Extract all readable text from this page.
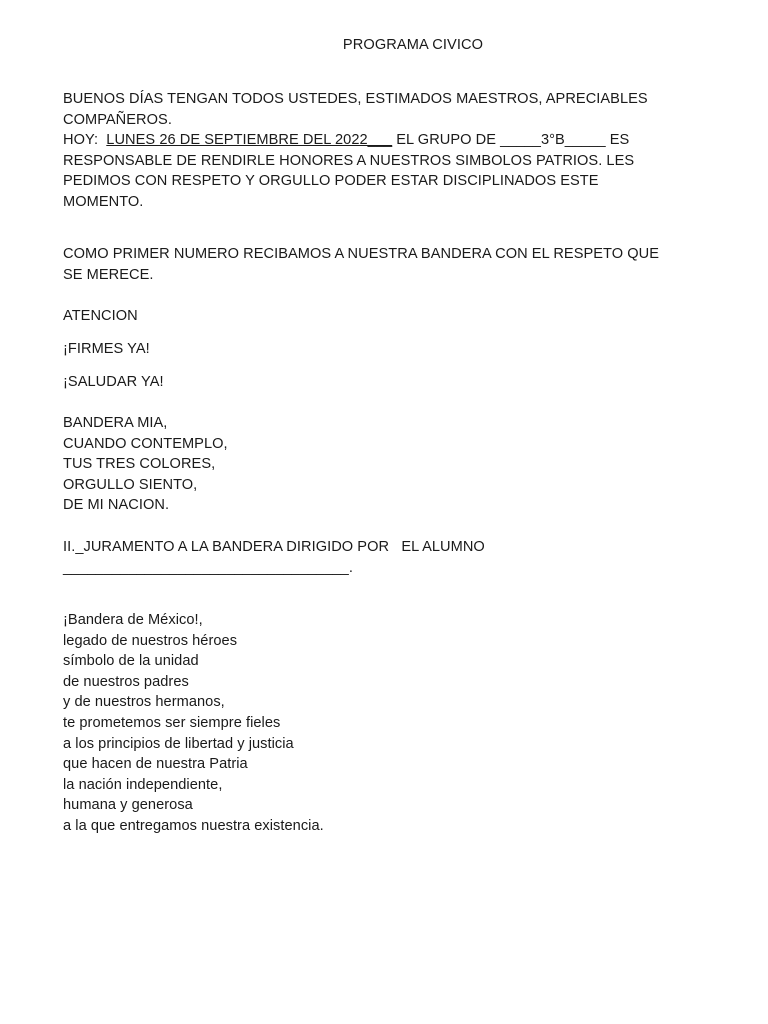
PROGRAMA CIVICO
BUENOS DÍAS TENGAN TODOS USTEDES, ESTIMADOS MAESTROS, APRECIABLES
COMPAÑEROS.
HOY:  LUNES 26 DE SEPTIEMBRE DEL 2022___ EL GRUPO DE _____3°B_____ ES
RESPONSABLE DE RENDIRLE HONORES A NUESTROS SIMBOLOS PATRIOS. LES
PEDIMOS CON RESPETO Y ORGULLO PODER ESTAR DISCIPLINADOS ESTE
MOMENTO.
COMO PRIMER NUMERO RECIBAMOS A NUESTRA BANDERA CON EL RESPETO QUE
SE MERECE.
ATENCION
¡FIRMES YA!
¡SALUDAR YA!
BANDERA MIA,
CUANDO CONTEMPLO,
TUS TRES COLORES,
ORGULLO SIENTO,
DE MI NACION.
II._JURAMENTO A LA BANDERA DIRIGIDO POR   EL ALUMNO
___________________________________.
¡Bandera de México!,
legado de nuestros héroes
símbolo de la unidad
de nuestros padres
y de nuestros hermanos,
te prometemos ser siempre fieles
a los principios de libertad y justicia
que hacen de nuestra Patria
la nación independiente,
humana y generosa
a la que entregamos nuestra existencia.
